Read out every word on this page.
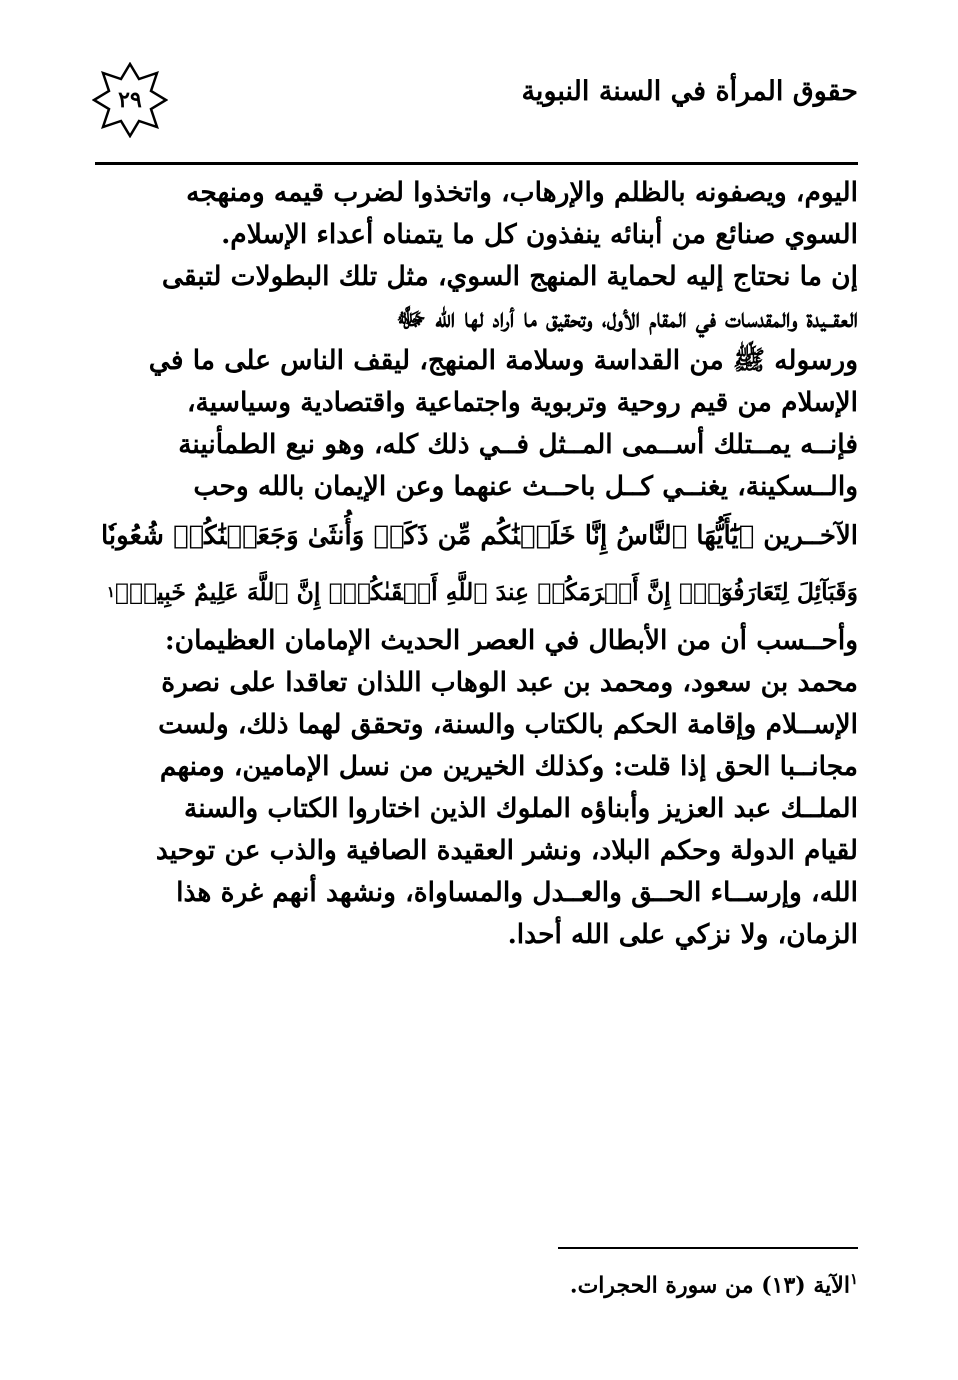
حقوق المرأة في السنة النبوية
٢٩
اليوم، ويصفونه بالظلم والإرهاب، واتخذوا لضرب قيمه ومنهجه
السوي صنائع من أبنائه ينفذون كل ما يتمناه أعداء الإسلام.
إن ما نحتاج إليه لحماية المنهج السوي، مثل تلك البطولات لتبقى
العقــيدة والمقدسات في المقام الأول، وتحقيق ما أراد لها الله ﷻ
ورسوله ﷺ من القداسة وسلامة المنهج، ليقف الناس على ما في
الإسلام من قيم روحية وتربوية واجتماعية واقتصادية وسياسية،
فإنــه يمــتلك أســمى المــثل فــي ذلك كله، وهو نبع الطمأنينة
والــسكينة، يغنــي كــل باحــث عنهما وعن الإيمان بالله وحب
الآخــرين ﴿يَٰٓأَيُّهَا ٱلنَّاسُ إِنَّا خَلَقۡنَٰكُم مِّن ذَكَرٖ وَأُنثَىٰ وَجَعَلۡنَٰكُمۡ شُعُوبٗا
وَقَبَآئِلَ لِتَعَارَفُوٓاْۚ إِنَّ أَكۡرَمَكُمۡ عِندَ ٱللَّهِ أَتۡقَىٰكُمۡۚ إِنَّ ٱللَّهَ عَلِيمٌ خَبِيرٞ﴾
١
وأحــسب أن من الأبطال في العصر الحديث الإمامان العظيمان:
محمد بن سعود، ومحمد بن عبد الوهاب اللذان تعاقدا على نصرة
الإســلام وإقامة الحكم بالكتاب والسنة، وتحقق لهما ذلك، ولست
مجانــبا الحق إذا قلت: وكذلك الخيرين من نسل الإمامين، ومنهم
الملــك عبد العزيز وأبناؤه الملوك الذين اختاروا الكتاب والسنة
لقيام الدولة وحكم البلاد، ونشر العقيدة الصافية والذب عن توحيد
الله، وإرســاء الحــق والعــدل والمساواة، ونشهد أنهم غرة هذا
الزمان، ولا نزكي على الله أحدا.
$^١$الآية (١٣) من سورة الحجرات.
